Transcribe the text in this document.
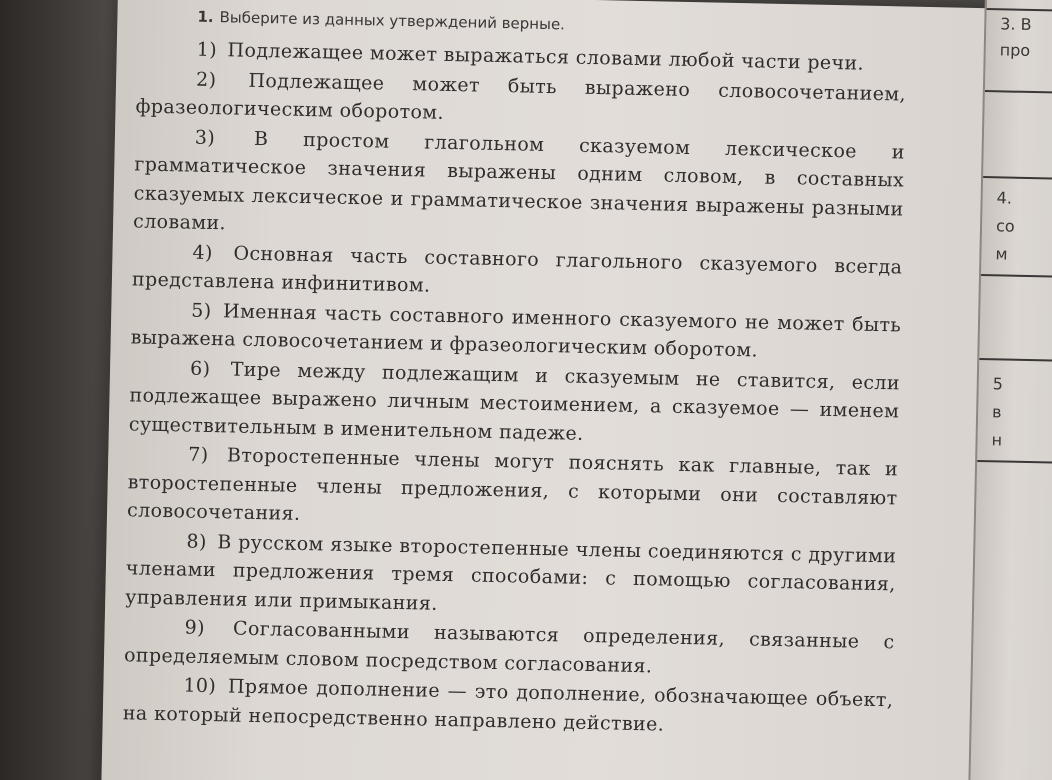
1. Выберите из данных утверждений верные.

1) Подлежащее может выражаться словами любой части речи.

2) Подлежащее может быть выражено словосочетанием, фразеологическим оборотом.

3) В простом глагольном сказуемом лексическое и грамматическое значения выражены одним словом, в составных сказуемых лексическое и грамматическое значения выражены разными словами.

4) Основная часть составного глагольного сказуемого всегда представлена инфинитивом.

5) Именная часть составного именного сказуемого не может быть выражена словосочетанием и фразеологическим оборотом.

6) Тире между подлежащим и сказуемым не ставится, если подлежащее выражено личным местоимением, а сказуемое — именем существительным в именительном падеже.

7) Второстепенные члены могут пояснять как главные, так и второстепенные члены предложения, с которыми они составляют словосочетания.

8) В русском языке второстепенные члены соединяются с другими членами предложения тремя способами: с помощью согласования, управления или примыкания.

9) Согласованными называются определения, связанные с определяемым словом посредством согласования.

10) Прямое дополнение — это дополнение, обозначающее объект, на который непосредственно направлено действие.

3. В
про
4.
со
м
5
в
н
